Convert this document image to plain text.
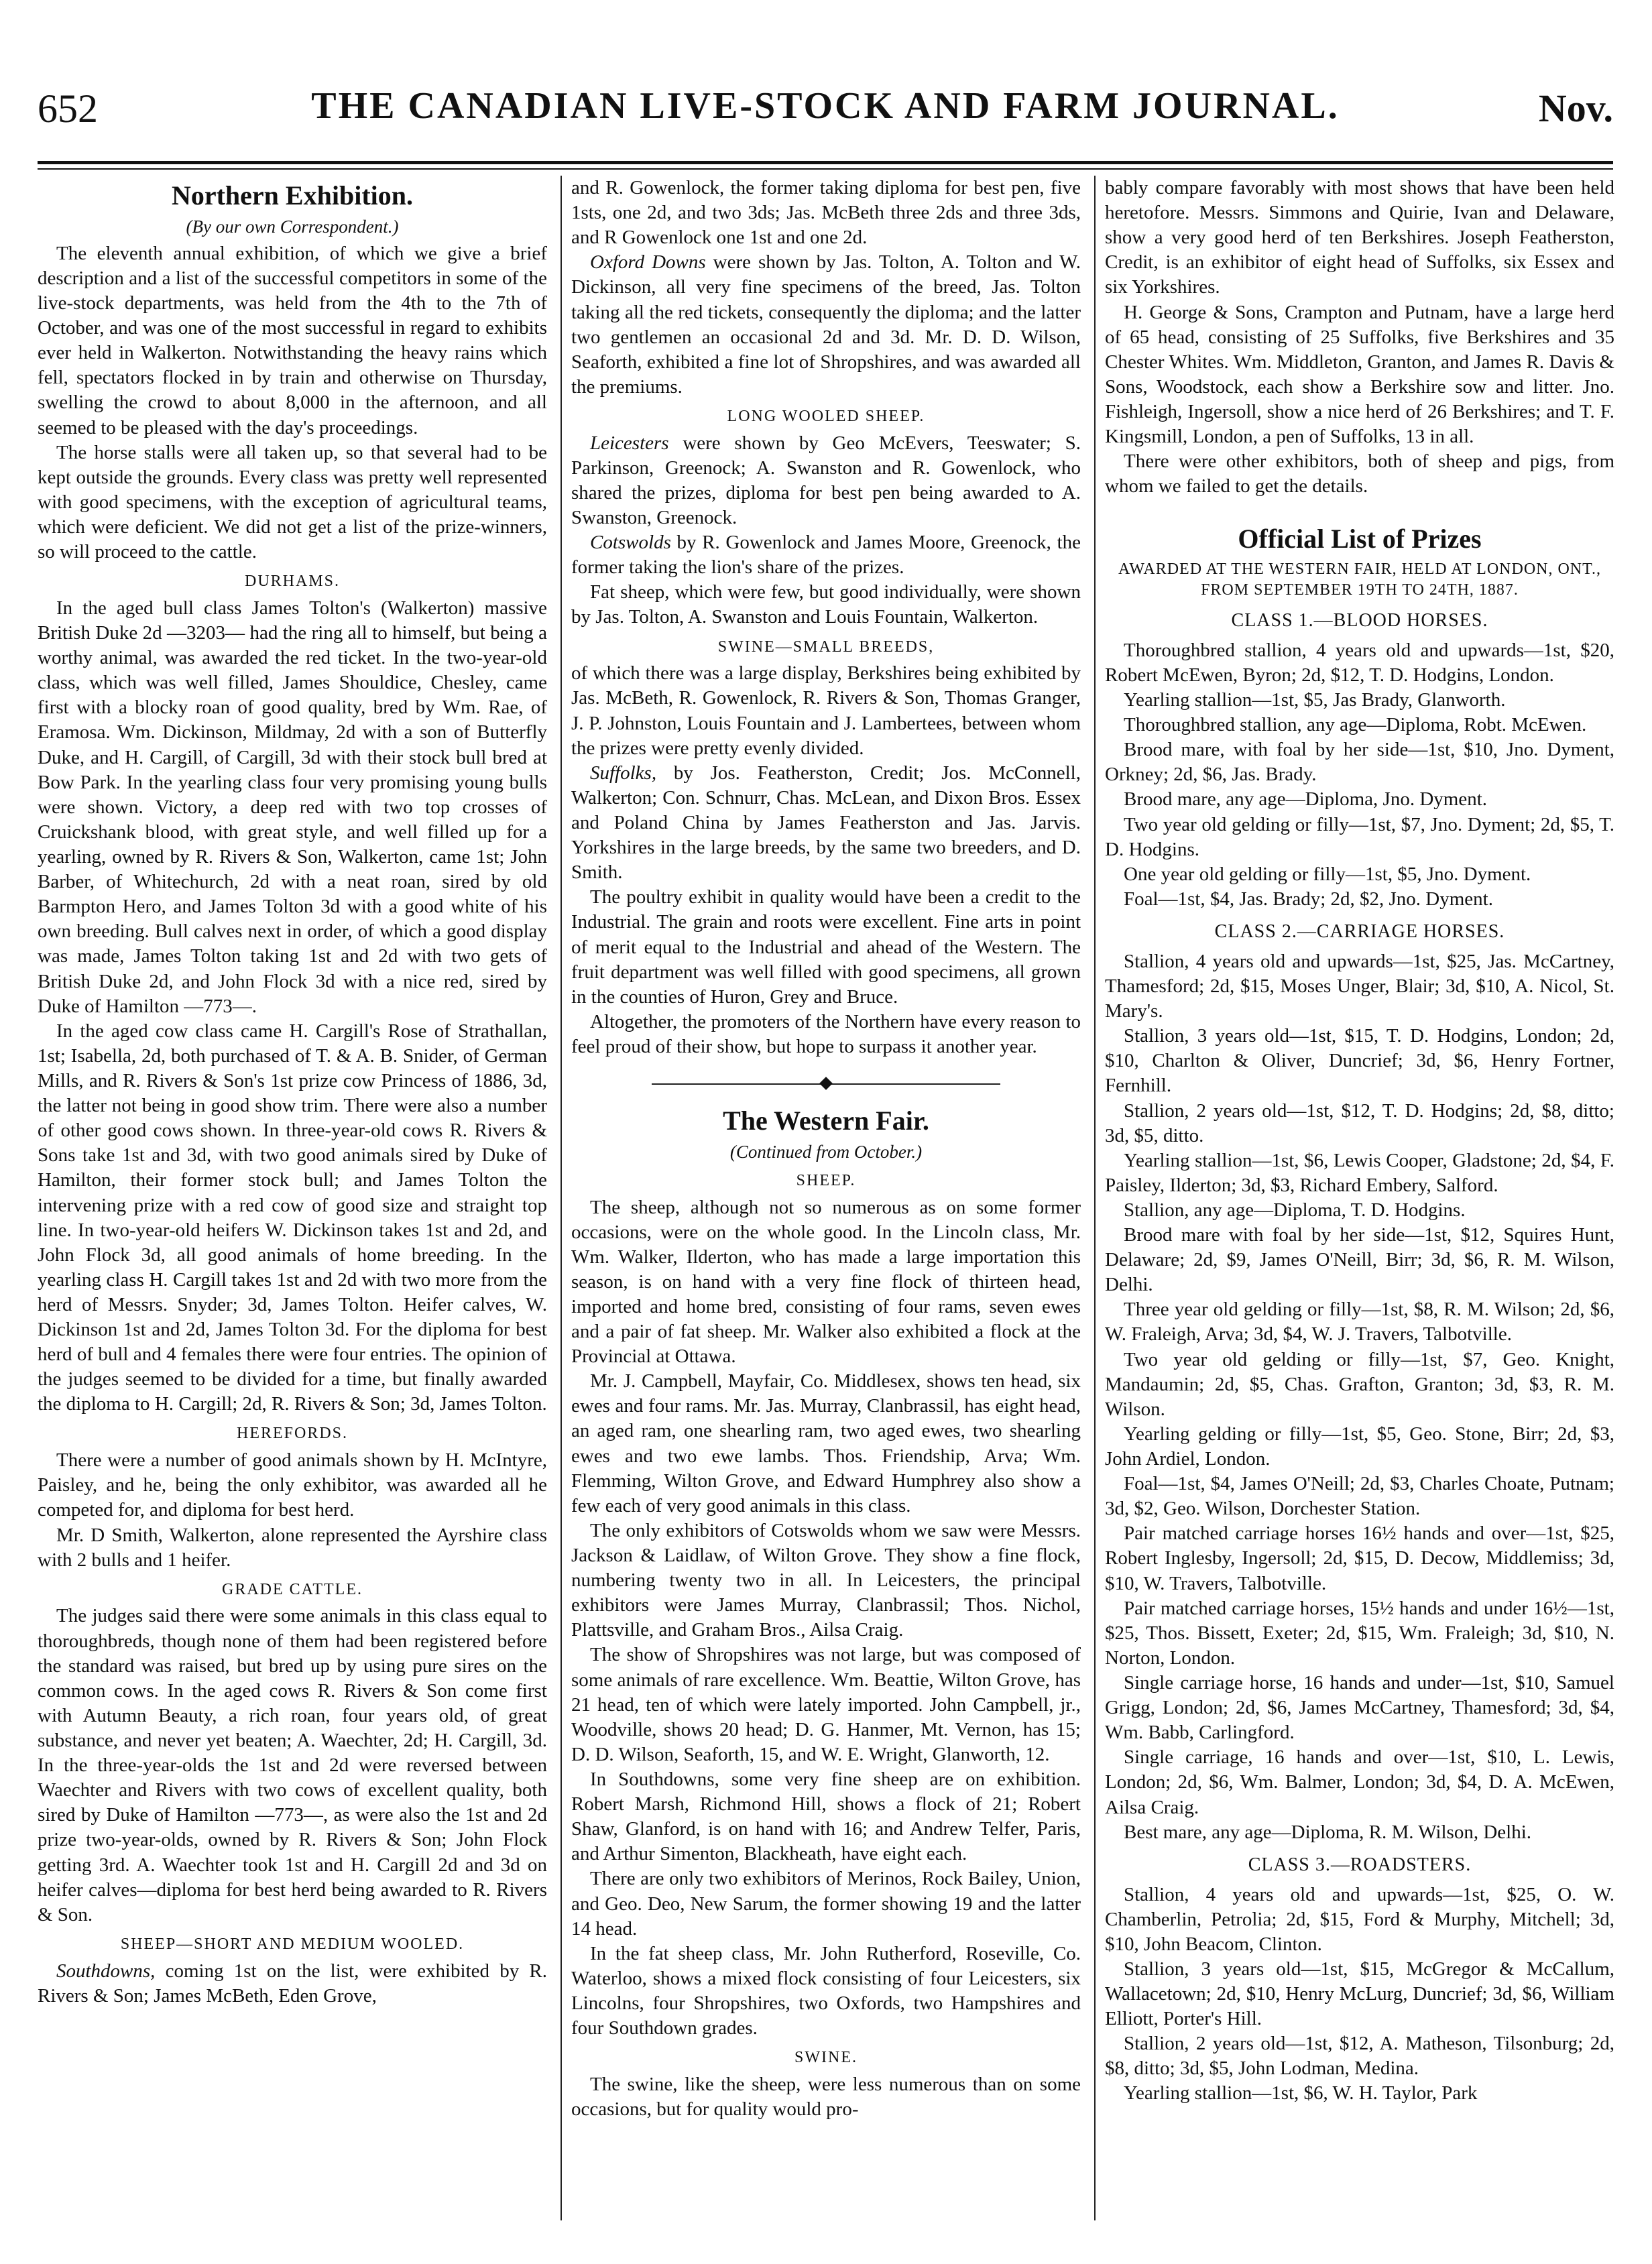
652	THE CANADIAN LIVE-STOCK AND FARM JOURNAL.	Nov.
Northern Exhibition.
(By our own Correspondent.)

The eleventh annual exhibition, of which we give a brief description and a list of the successful competitors in some of the live-stock departments, was held from the 4th to the 7th of October, and was one of the most successful in regard to exhibits ever held in Walkerton. Notwithstanding the heavy rains which fell, spectators flocked in by train and otherwise on Thursday, swelling the crowd to about 8,000 in the afternoon, and all seemed to be pleased with the day's proceedings.

The horse stalls were all taken up, so that several had to be kept outside the grounds. Every class was pretty well represented with good specimens, with the exception of agricultural teams, which were deficient. We did not get a list of the prize-winners, so will proceed to the cattle.

DURHAMS.

In the aged bull class James Tolton's (Walkerton) massive British Duke 2d —3203— had the ring all to himself, but being a worthy animal, was awarded the red ticket. In the two-year-old class, which was well filled, James Shouldice, Chesley, came first with a blocky roan of good quality, bred by Wm. Rae, of Eramosa. Wm. Dickinson, Mildmay, 2d with a son of Butterfly Duke, and H. Cargill, of Cargill, 3d with their stock bull bred at Bow Park. In the yearling class four very promising young bulls were shown. Victory, a deep red with two top crosses of Cruickshank blood, with great style, and well filled up for a yearling, owned by R. Rivers & Son, Walkerton, came 1st; John Barber, of Whitechurch, 2d with a neat roan, sired by old Barmpton Hero, and James Tolton 3d with a good white of his own breeding. Bull calves next in order, of which a good display was made, James Tolton taking 1st and 2d with two gets of British Duke 2d, and John Flock 3d with a nice red, sired by Duke of Hamilton —773—.

In the aged cow class came H. Cargill's Rose of Strathallan, 1st; Isabella, 2d, both purchased of T. & A. B. Snider, of German Mills, and R. Rivers & Son's 1st prize cow Princess of 1886, 3d, the latter not being in good show trim. There were also a number of other good cows shown. In three-year-old cows R. Rivers & Sons take 1st and 3d, with two good animals sired by Duke of Hamilton, their former stock bull; and James Tolton the intervening prize with a red cow of good size and straight top line. In two-year-old heifers W. Dickinson takes 1st and 2d, and John Flock 3d, all good animals of home breeding. In the yearling class H. Cargill takes 1st and 2d with two more from the herd of Messrs. Snyder; 3d, James Tolton. Heifer calves, W. Dickinson 1st and 2d, James Tolton 3d. For the diploma for best herd of bull and 4 females there were four entries. The opinion of the judges seemed to be divided for a time, but finally awarded the diploma to H. Cargill; 2d, R. Rivers & Son; 3d, James Tolton.

HEREFORDS.

There were a number of good animals shown by H. McIntyre, Paisley, and he, being the only exhibitor, was awarded all he competed for, and diploma for best herd.

Mr. D Smith, Walkerton, alone represented the Ayrshire class with 2 bulls and 1 heifer.

GRADE CATTLE.

The judges said there were some animals in this class equal to thoroughbreds, though none of them had been registered before the standard was raised, but bred up by using pure sires on the common cows. In the aged cows R. Rivers & Son come first with Autumn Beauty, a rich roan, four years old, of great substance, and never yet beaten; A. Waechter, 2d; H. Cargill, 3d. In the three-year-olds the 1st and 2d were reversed between Waechter and Rivers with two cows of excellent quality, both sired by Duke of Hamilton —773—, as were also the 1st and 2d prize two-year-olds, owned by R. Rivers & Son; John Flock getting 3rd. A. Waechter took 1st and H. Cargill 2d and 3d on heifer calves—diploma for best herd being awarded to R. Rivers & Son.

SHEEP—SHORT AND MEDIUM WOOLED.

Southdowns, coming 1st on the list, were exhibited by R. Rivers & Son; James McBeth, Eden Grove,

and R. Gowenlock, the former taking diploma for best pen, five 1sts, one 2d, and two 3ds; Jas. McBeth three 2ds and three 3ds, and R Gowenlock one 1st and one 2d.

Oxford Downs were shown by Jas. Tolton, A. Tolton and W. Dickinson, all very fine specimens of the breed, Jas. Tolton taking all the red tickets, consequently the diploma; and the latter two gentlemen an occasional 2d and 3d. Mr. D. D. Wilson, Seaforth, exhibited a fine lot of Shropshires, and was awarded all the premiums.

LONG WOOLED SHEEP.

Leicesters were shown by Geo McEvers, Teeswater; S. Parkinson, Greenock; A. Swanston and R. Gowenlock, who shared the prizes, diploma for best pen being awarded to A. Swanston, Greenock.

Cotswolds by R. Gowenlock and James Moore, Greenock, the former taking the lion's share of the prizes.

Fat sheep, which were few, but good individually, were shown by Jas. Tolton, A. Swanston and Louis Fountain, Walkerton.

SWINE—SMALL BREEDS,

of which there was a large display, Berkshires being exhibited by Jas. McBeth, R. Gowenlock, R. Rivers & Son, Thomas Granger, J. P. Johnston, Louis Fountain and J. Lambertees, between whom the prizes were pretty evenly divided.

Suffolks, by Jos. Featherston, Credit; Jos. McConnell, Walkerton; Con. Schnurr, Chas. McLean, and Dixon Bros. Essex and Poland China by James Featherston and Jas. Jarvis. Yorkshires in the large breeds, by the same two breeders, and D. Smith.

The poultry exhibit in quality would have been a credit to the Industrial. The grain and roots were excellent. Fine arts in point of merit equal to the Industrial and ahead of the Western. The fruit department was well filled with good specimens, all grown in the counties of Huron, Grey and Bruce.

Altogether, the promoters of the Northern have every reason to feel proud of their show, but hope to surpass it another year.

The Western Fair.
(Continued from October.)
SHEEP.

The sheep, although not so numerous as on some former occasions, were on the whole good. In the Lincoln class, Mr. Wm. Walker, Ilderton, who has made a large importation this season, is on hand with a very fine flock of thirteen head, imported and home bred, consisting of four rams, seven ewes and a pair of fat sheep. Mr. Walker also exhibited a flock at the Provincial at Ottawa.

Mr. J. Campbell, Mayfair, Co. Middlesex, shows ten head, six ewes and four rams. Mr. Jas. Murray, Clanbrassil, has eight head, an aged ram, one shearling ram, two aged ewes, two shearling ewes and two ewe lambs. Thos. Friendship, Arva; Wm. Flemming, Wilton Grove, and Edward Humphrey also show a few each of very good animals in this class.

The only exhibitors of Cotswolds whom we saw were Messrs. Jackson & Laidlaw, of Wilton Grove. They show a fine flock, numbering twenty two in all. In Leicesters, the principal exhibitors were James Murray, Clanbrassil; Thos. Nichol, Plattsville, and Graham Bros., Ailsa Craig.

The show of Shropshires was not large, but was composed of some animals of rare excellence. Wm. Beattie, Wilton Grove, has 21 head, ten of which were lately imported. John Campbell, jr., Woodville, shows 20 head; D. G. Hanmer, Mt. Vernon, has 15; D. D. Wilson, Seaforth, 15, and W. E. Wright, Glanworth, 12.

In Southdowns, some very fine sheep are on exhibition. Robert Marsh, Richmond Hill, shows a flock of 21; Robert Shaw, Glanford, is on hand with 16; and Andrew Telfer, Paris, and Arthur Simenton, Blackheath, have eight each.

There are only two exhibitors of Merinos, Rock Bailey, Union, and Geo. Deo, New Sarum, the former showing 19 and the latter 14 head.

In the fat sheep class, Mr. John Rutherford, Roseville, Co. Waterloo, shows a mixed flock consisting of four Leicesters, six Lincolns, four Shropshires, two Oxfords, two Hampshires and four Southdown grades.

SWINE.

The swine, like the sheep, were less numerous than on some occasions, but for quality would pro-

bably compare favorably with most shows that have been held heretofore. Messrs. Simmons and Quirie, Ivan and Delaware, show a very good herd of ten Berkshires. Joseph Featherston, Credit, is an exhibitor of eight head of Suffolks, six Essex and six Yorkshires.

H. George & Sons, Crampton and Putnam, have a large herd of 65 head, consisting of 25 Suffolks, five Berkshires and 35 Chester Whites. Wm. Middleton, Granton, and James R. Davis & Sons, Woodstock, each show a Berkshire sow and litter. Jno. Fishleigh, Ingersoll, show a nice herd of 26 Berkshires; and T. F. Kingsmill, London, a pen of Suffolks, 13 in all.

There were other exhibitors, both of sheep and pigs, from whom we failed to get the details.

Official List of Prizes
AWARDED AT THE WESTERN FAIR, HELD AT LONDON, ONT., FROM SEPTEMBER 19TH TO 24TH, 1887.
CLASS 1.—BLOOD HORSES.

Thoroughbred stallion, 4 years old and upwards—1st, $20, Robert McEwen, Byron; 2d, $12, T. D. Hodgins, London.

Yearling stallion—1st, $5, Jas Brady, Glanworth.

Thoroughbred stallion, any age—Diploma, Robt. McEwen.

Brood mare, with foal by her side—1st, $10, Jno. Dyment, Orkney; 2d, $6, Jas. Brady.

Brood mare, any age—Diploma, Jno. Dyment.

Two year old gelding or filly—1st, $7, Jno. Dyment; 2d, $5, T. D. Hodgins.

One year old gelding or filly—1st, $5, Jno. Dyment.

Foal—1st, $4, Jas. Brady; 2d, $2, Jno. Dyment.

CLASS 2.—CARRIAGE HORSES.

Stallion, 4 years old and upwards—1st, $25, Jas. McCartney, Thamesford; 2d, $15, Moses Unger, Blair; 3d, $10, A. Nicol, St. Mary's.

Stallion, 3 years old—1st, $15, T. D. Hodgins, London; 2d, $10, Charlton & Oliver, Duncrief; 3d, $6, Henry Fortner, Fernhill.

Stallion, 2 years old—1st, $12, T. D. Hodgins; 2d, $8, ditto; 3d, $5, ditto.

Yearling stallion—1st, $6, Lewis Cooper, Gladstone; 2d, $4, F. Paisley, Ilderton; 3d, $3, Richard Embery, Salford.

Stallion, any age—Diploma, T. D. Hodgins.

Brood mare with foal by her side—1st, $12, Squires Hunt, Delaware; 2d, $9, James O'Neill, Birr; 3d, $6, R. M. Wilson, Delhi.

Three year old gelding or filly—1st, $8, R. M. Wilson; 2d, $6, W. Fraleigh, Arva; 3d, $4, W. J. Travers, Talbotville.

Two year old gelding or filly—1st, $7, Geo. Knight, Mandaumin; 2d, $5, Chas. Grafton, Granton; 3d, $3, R. M. Wilson.

Yearling gelding or filly—1st, $5, Geo. Stone, Birr; 2d, $3, John Ardiel, London.

Foal—1st, $4, James O'Neill; 2d, $3, Charles Choate, Putnam; 3d, $2, Geo. Wilson, Dorchester Station.

Pair matched carriage horses 16½ hands and over—1st, $25, Robert Inglesby, Ingersoll; 2d, $15, D. Decow, Middlemiss; 3d, $10, W. Travers, Talbotville.

Pair matched carriage horses, 15½ hands and under 16½—1st, $25, Thos. Bissett, Exeter; 2d, $15, Wm. Fraleigh; 3d, $10, N. Norton, London.

Single carriage horse, 16 hands and under—1st, $10, Samuel Grigg, London; 2d, $6, James McCartney, Thamesford; 3d, $4, Wm. Babb, Carlingford.

Single carriage, 16 hands and over—1st, $10, L. Lewis, London; 2d, $6, Wm. Balmer, London; 3d, $4, D. A. McEwen, Ailsa Craig.

Best mare, any age—Diploma, R. M. Wilson, Delhi.

CLASS 3.—ROADSTERS.

Stallion, 4 years old and upwards—1st, $25, O. W. Chamberlin, Petrolia; 2d, $15, Ford & Murphy, Mitchell; 3d, $10, John Beacom, Clinton.

Stallion, 3 years old—1st, $15, McGregor & McCallum, Wallacetown; 2d, $10, Henry McLurg, Duncrief; 3d, $6, William Elliott, Porter's Hill.

Stallion, 2 years old—1st, $12, A. Matheson, Tilsonburg; 2d, $8, ditto; 3d, $5, John Lodman, Medina.

Yearling stallion—1st, $6, W. H. Taylor, Park
